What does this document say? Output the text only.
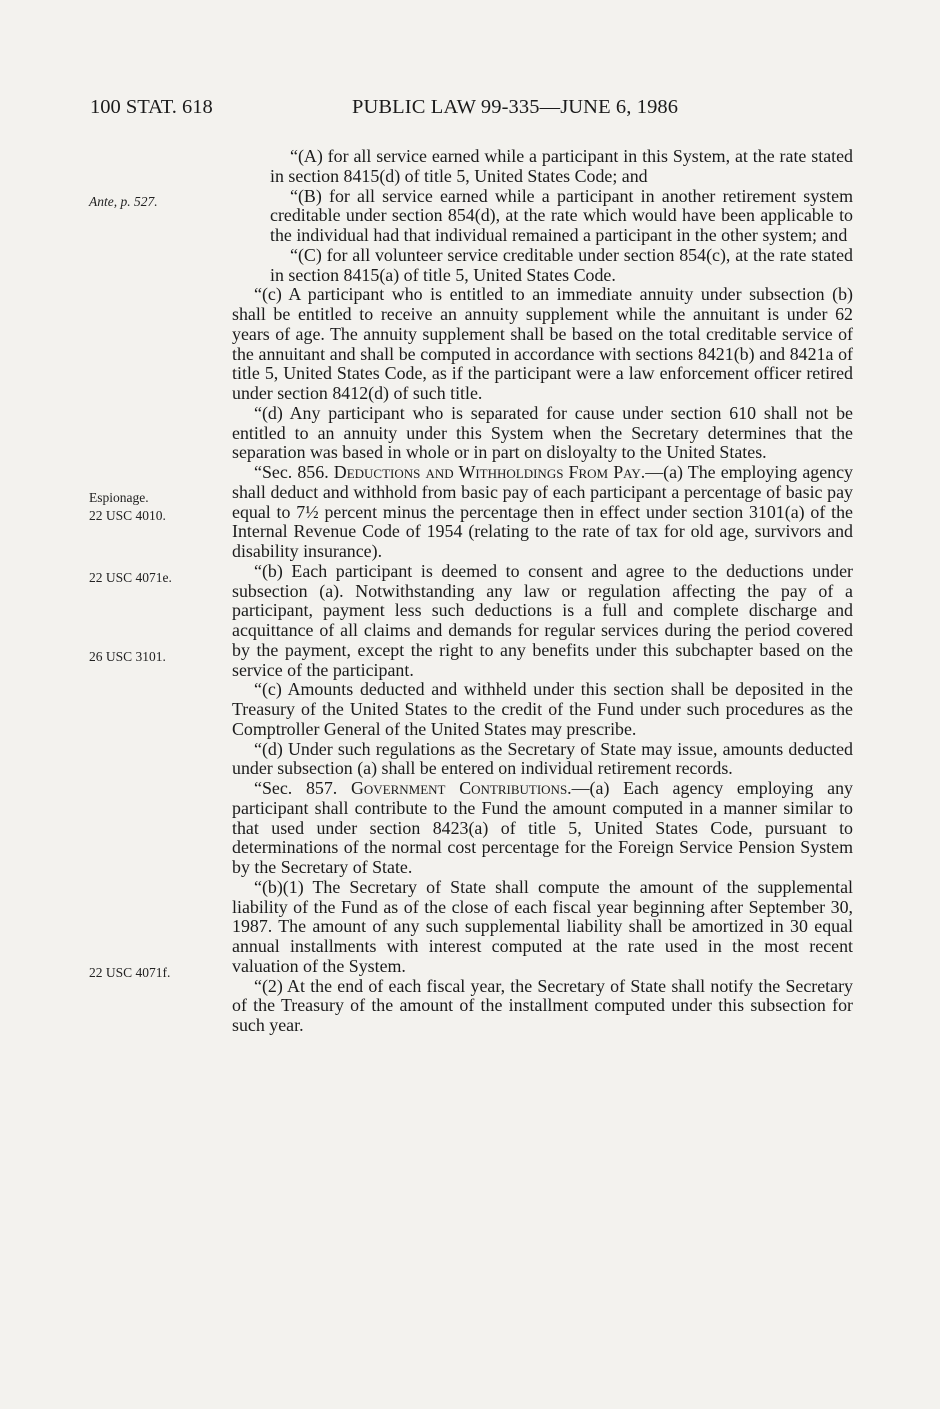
100 STAT. 618	PUBLIC LAW 99-335—JUNE 6, 1986
Ante, p. 527.
Espionage.
22 USC 4010.
22 USC 4071e.
26 USC 3101.
22 USC 4071f.

“(A) for all service earned while a participant in this System, at the rate stated in section 8415(d) of title 5, United States Code; and

“(B) for all service earned while a participant in another retirement system creditable under section 854(d), at the rate which would have been applicable to the individual had that individual remained a participant in the other system; and

“(C) for all volunteer service creditable under section 854(c), at the rate stated in section 8415(a) of title 5, United States Code.

“(c) A participant who is entitled to an immediate annuity under subsection (b) shall be entitled to receive an annuity supplement while the annuitant is under 62 years of age. The annuity supplement shall be based on the total creditable service of the annuitant and shall be computed in accordance with sections 8421(b) and 8421a of title 5, United States Code, as if the participant were a law enforcement officer retired under section 8412(d) of such title.

“(d) Any participant who is separated for cause under section 610 shall not be entitled to an annuity under this System when the Secretary determines that the separation was based in whole or in part on disloyalty to the United States.

“Sec. 856. Deductions and Withholdings From Pay.—(a) The employing agency shall deduct and withhold from basic pay of each participant a percentage of basic pay equal to 7½ percent minus the percentage then in effect under section 3101(a) of the Internal Revenue Code of 1954 (relating to the rate of tax for old age, survivors and disability insurance).

“(b) Each participant is deemed to consent and agree to the deductions under subsection (a). Notwithstanding any law or regulation affecting the pay of a participant, payment less such deductions is a full and complete discharge and acquittance of all claims and demands for regular services during the period covered by the payment, except the right to any benefits under this subchapter based on the service of the participant.

“(c) Amounts deducted and withheld under this section shall be deposited in the Treasury of the United States to the credit of the Fund under such procedures as the Comptroller General of the United States may prescribe.

“(d) Under such regulations as the Secretary of State may issue, amounts deducted under subsection (a) shall be entered on individual retirement records.

“Sec. 857. Government Contributions.—(a) Each agency employing any participant shall contribute to the Fund the amount computed in a manner similar to that used under section 8423(a) of title 5, United States Code, pursuant to determinations of the normal cost percentage for the Foreign Service Pension System by the Secretary of State.

“(b)(1) The Secretary of State shall compute the amount of the supplemental liability of the Fund as of the close of each fiscal year beginning after September 30, 1987. The amount of any such supplemental liability shall be amortized in 30 equal annual installments with interest computed at the rate used in the most recent valuation of the System.

“(2) At the end of each fiscal year, the Secretary of State shall notify the Secretary of the Treasury of the amount of the installment computed under this subsection for such year.
